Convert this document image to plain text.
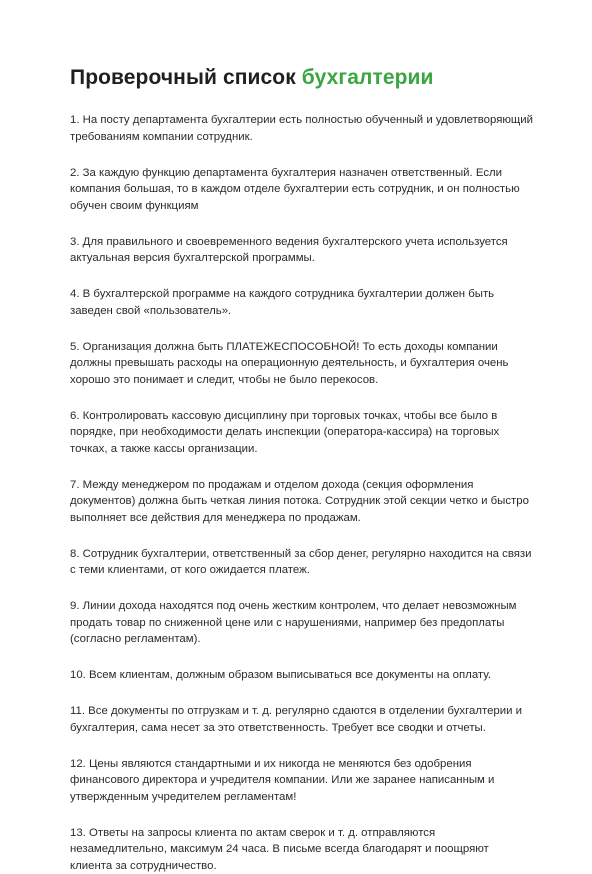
Проверочный список бухгалтерии
1. На посту департамента бухгалтерии есть полностью обученный и удовлетворяющий требованиям компании сотрудник.
2. За каждую функцию департамента бухгалтерия назначен ответственный. Если компания большая, то в каждом отделе бухгалтерии есть сотрудник, и он полностью обучен своим функциям
3. Для правильного и своевременного ведения бухгалтерского учета используется актуальная версия бухгалтерской программы.
4. В бухгалтерской программе на каждого сотрудника бухгалтерии должен быть заведен свой «пользователь».
5. Организация должна быть ПЛАТЕЖЕСПОСОБНОЙ! То есть доходы компании должны превышать расходы на операционную деятельность, и бухгалтерия очень хорошо это понимает и следит, чтобы не было перекосов.
6. Контролировать кассовую дисциплину при торговых точках, чтобы все было в порядке, при необходимости делать инспекции (оператора-кассира) на торговых точках, а также кассы организации.
7. Между менеджером по продажам и отделом дохода (секция оформления документов) должна быть четкая линия потока. Сотрудник этой секции четко и быстро выполняет все действия для менеджера по продажам.
8. Сотрудник бухгалтерии, ответственный за сбор денег, регулярно находится на связи с теми клиентами, от кого ожидается платеж.
9. Линии дохода находятся под очень жестким контролем, что делает невозможным продать товар по сниженной цене или с нарушениями, например без предоплаты (согласно регламентам).
10. Всем клиентам, должным образом выписываться все документы на оплату.
11. Все документы по отгрузкам и т. д. регулярно сдаются в отделении бухгалтерии и бухгалтерия, сама несет за это ответственность. Требует все сводки и отчеты.
12. Цены являются стандартными и их никогда не меняются без одобрения финансового директора и учредителя компании. Или же заранее написанным и утвержденным учредителем регламентам!
13. Ответы на запросы клиента по актам сверок и т. д. отправляются незамедлительно, максимум 24 часа. В письме всегда благодарят и поощряют клиента за сотрудничество.
